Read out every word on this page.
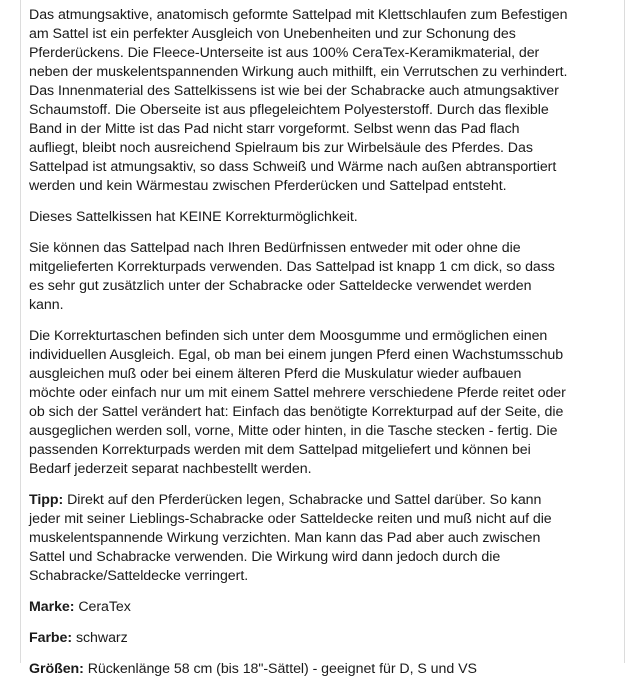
Das atmungsaktive, anatomisch geformte Sattelpad mit Klettschlaufen zum Befestigen
am Sattel ist ein perfekter Ausgleich von Unebenheiten und zur Schonung des
Pferderückens. Die Fleece-Unterseite ist aus 100% CeraTex-Keramikmaterial, der
neben der muskelentspannenden Wirkung auch mithilft, ein Verrutschen zu verhindert.
Das Innenmaterial des Sattelkissens ist wie bei der Schabracke auch atmungsaktiver
Schaumstoff. Die Oberseite ist aus pflegeleichtem Polyesterstoff. Durch das flexible
Band in der Mitte ist das Pad nicht starr vorgeformt. Selbst wenn das Pad flach
aufliegt, bleibt noch ausreichend Spielraum bis zur Wirbelsäule des Pferdes. Das
Sattelpad ist atmungsaktiv, so dass Schweiß und Wärme nach außen abtransportiert
werden und kein Wärmestau zwischen Pferderücken und Sattelpad entsteht.

Dieses Sattelkissen hat KEINE Korrekturmöglichkeit.

Sie können das Sattelpad nach Ihren Bedürfnissen entweder mit oder ohne die
mitgelieferten Korrekturpads verwenden. Das Sattelpad ist knapp 1 cm dick, so dass
es sehr gut zusätzlich unter der Schabracke oder Satteldecke verwendet werden
kann.

Die Korrekturtaschen befinden sich unter dem Moosgumme und ermöglichen einen
individuellen Ausgleich. Egal, ob man bei einem jungen Pferd einen Wachstumsschub
ausgleichen muß oder bei einem älteren Pferd die Muskulatur wieder aufbauen
möchte oder einfach nur um mit einem Sattel mehrere verschiedene Pferde reitet oder
ob sich der Sattel verändert hat: Einfach das benötigte Korrekturpad auf der Seite, die
ausgeglichen werden soll, vorne, Mitte oder hinten, in die Tasche stecken - fertig. Die
passenden Korrekturpads werden mit dem Sattelpad mitgeliefert und können bei
Bedarf jederzeit separat nachbestellt werden.

Tipp: Direkt auf den Pferderücken legen, Schabracke und Sattel darüber. So kann
jeder mit seiner Lieblings-Schabracke oder Satteldecke reiten und muß nicht auf die
muskelentspannende Wirkung verzichten. Man kann das Pad aber auch zwischen
Sattel und Schabracke verwenden. Die Wirkung wird dann jedoch durch die
Schabracke/Satteldecke verringert.

Marke: CeraTex

Farbe: schwarz

Größen: Rückenlänge 58 cm (bis 18"-Sättel) - geeignet für D, S und VS
